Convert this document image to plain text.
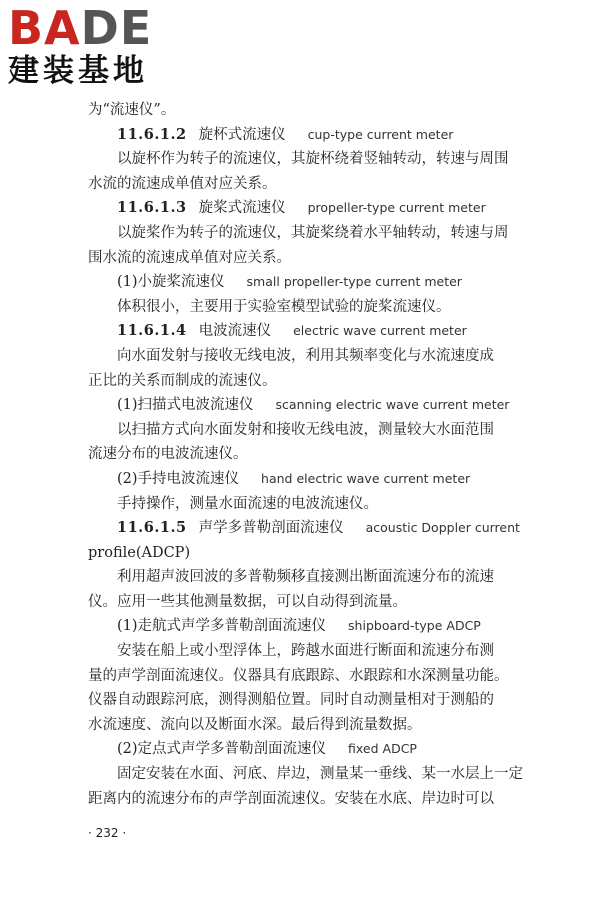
BADE
建装基地
为“流速仪”。
11.6.1.2 旋杯式流速仪 cup-type current meter
以旋杯作为转子的流速仪，其旋杯绕着竖轴转动，转速与周围
水流的流速成单值对应关系。
11.6.1.3 旋桨式流速仪 propeller-type current meter
以旋桨作为转子的流速仪，其旋桨绕着水平轴转动，转速与周
围水流的流速成单值对应关系。
(1)小旋桨流速仪 small propeller-type current meter
体积很小，主要用于实验室模型试验的旋桨流速仪。
11.6.1.4 电波流速仪 electric wave current meter
向水面发射与接收无线电波，利用其频率变化与水流速度成
正比的关系而制成的流速仪。
(1)扫描式电波流速仪 scanning electric wave current meter
以扫描方式向水面发射和接收无线电波，测量较大水面范围
流速分布的电波流速仪。
(2)手持电波流速仪 hand electric wave current meter
手持操作，测量水面流速的电波流速仪。
11.6.1.5 声学多普勒剖面流速仪 acoustic Doppler current
profile(ADCP)
利用超声波回波的多普勒频移直接测出断面流速分布的流速
仪。应用一些其他测量数据，可以自动得到流量。
(1)走航式声学多普勒剖面流速仪 shipboard-type ADCP
安装在船上或小型浮体上，跨越水面进行断面和流速分布测
量的声学剖面流速仪。仪器具有底跟踪、水跟踪和水深测量功能。
仪器自动跟踪河底，测得测船位置。同时自动测量相对于测船的
水流速度、流向以及断面水深。最后得到流量数据。
(2)定点式声学多普勒剖面流速仪 fixed ADCP
固定安装在水面、河底、岸边，测量某一垂线、某一水层上一定
距离内的流速分布的声学剖面流速仪。安装在水底、岸边时可以
· 232 ·
